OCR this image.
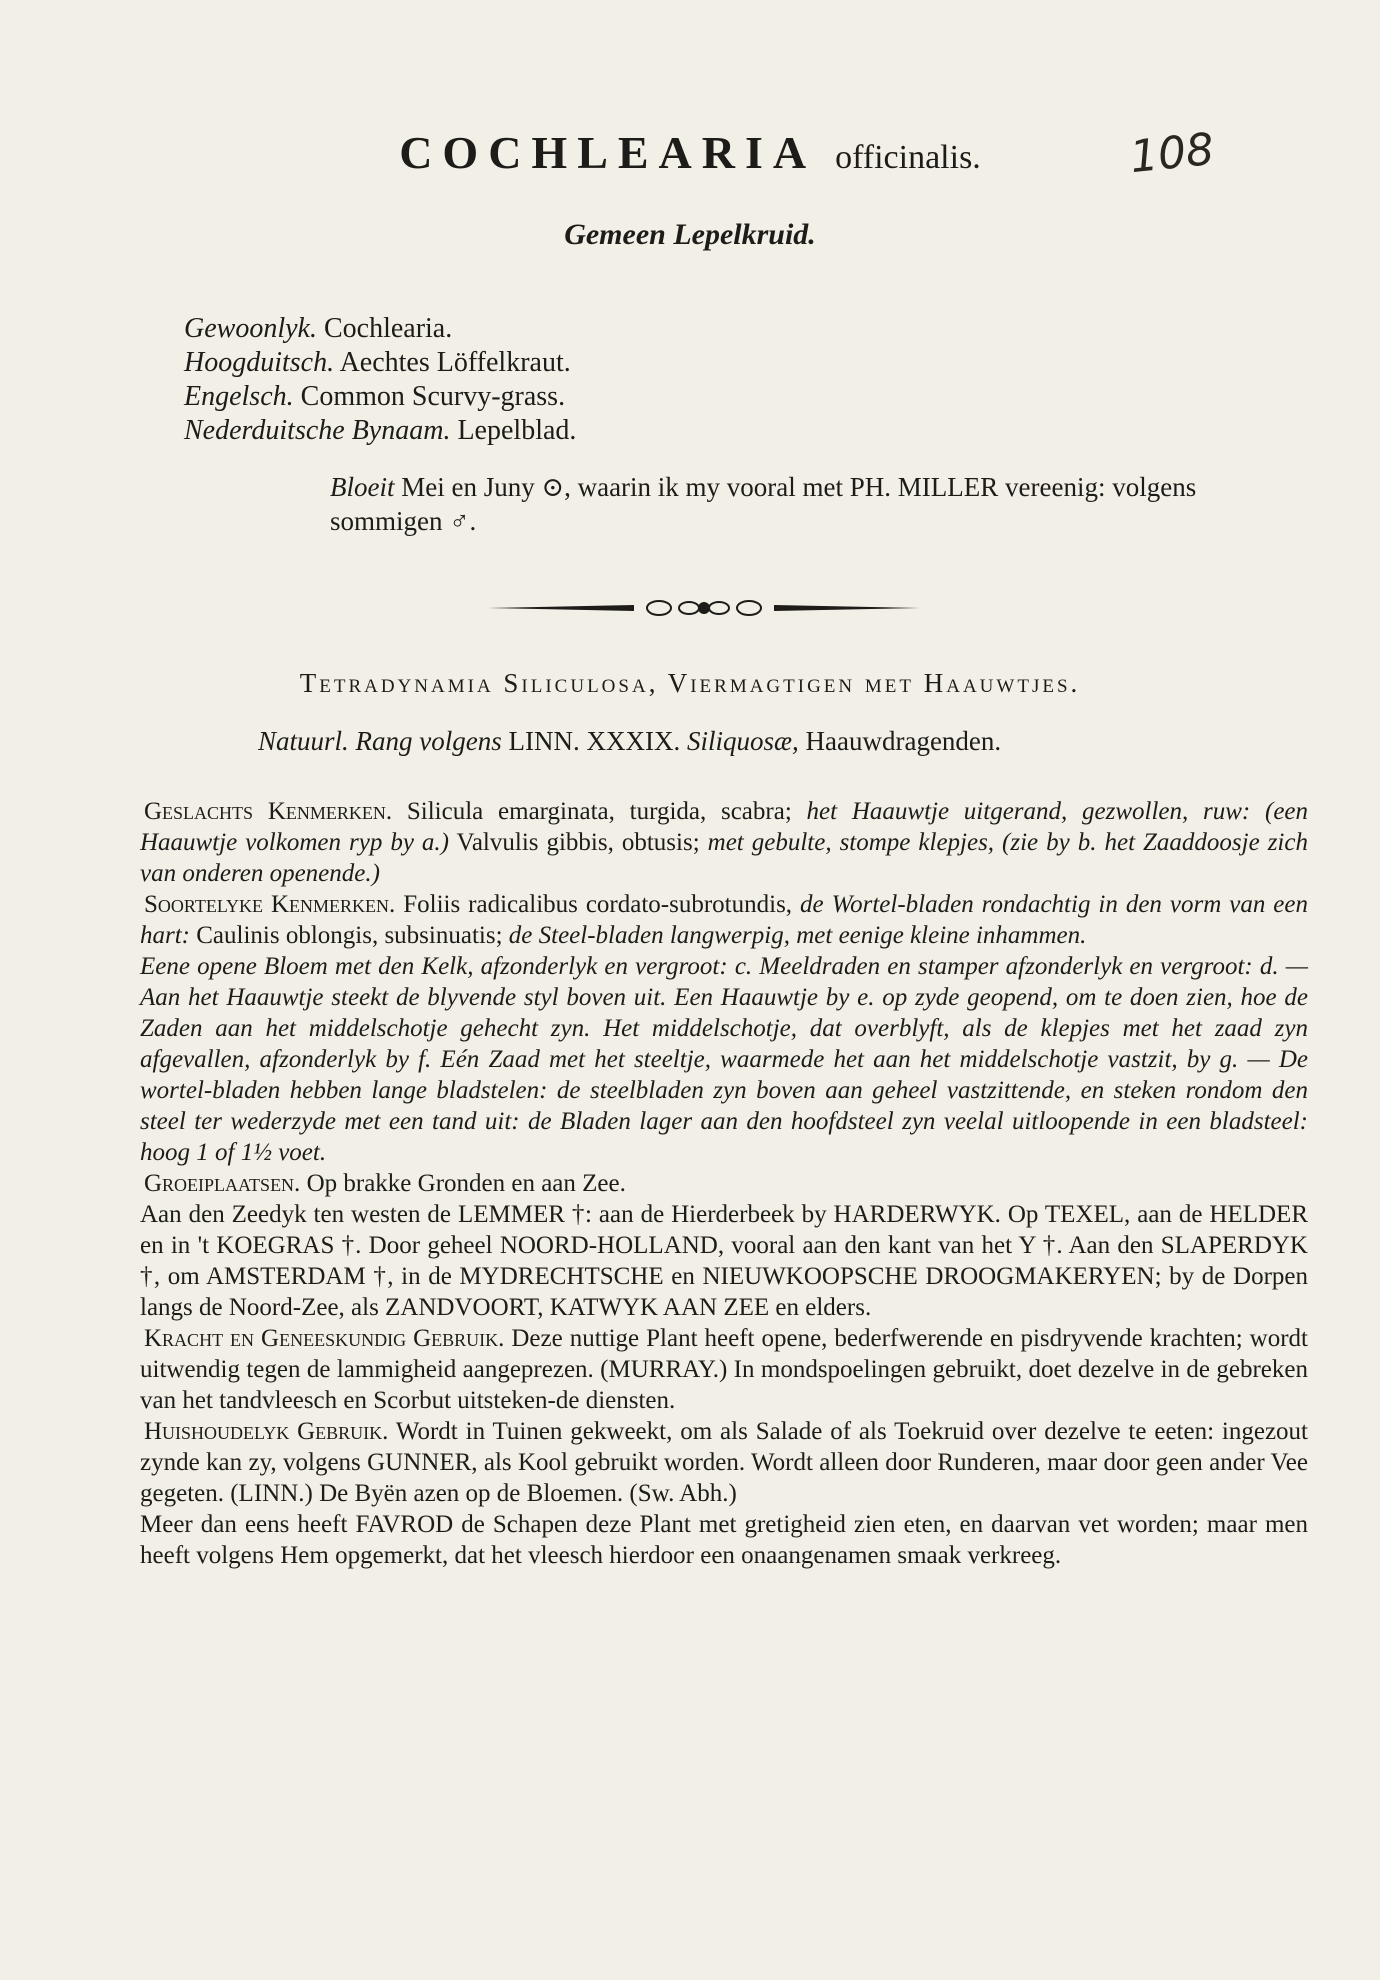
108
COCHLEARIA officinalis.
Gemeen Lepelkruid.
Gewoonlyk. Cochlearia.
Hoogduitsch. Aechtes Löffelkraut.
Engelsch. Common Scurvy-grass.
Nederduitsche Bynaam. Lepelblad.
Bloeit Mei en Juny ⊙, waarin ik my vooral met PH. MILLER vereenig: volgens sommigen ♂.
Tetradynamia Siliculosa, Viermagtigen met Haauwtjes.
Natuurl. Rang volgens LINN. XXXIX. Siliquosæ, Haauwdragenden.

Geslachts Kenmerken. Silicula emarginata, turgida, scabra; het Haauwtje uitgerand, gezwollen, ruw: (een Haauwtje volkomen ryp by a.) Valvulis gibbis, obtusis; met gebulte, stompe klepjes, (zie by b. het Zaaddoosje zich van onderen openende.)

Soortelyke Kenmerken. Foliis radicalibus cordato-subrotundis, de Wortel-bladen rondachtig in den vorm van een hart: Caulinis oblongis, subsinuatis; de Steel-bladen langwerpig, met eenige kleine inhammen.

Eene opene Bloem met den Kelk, afzonderlyk en vergroot: c. Meeldraden en stamper afzonderlyk en vergroot: d. — Aan het Haauwtje steekt de blyvende styl boven uit. Een Haauwtje by e. op zyde geopend, om te doen zien, hoe de Zaden aan het middelschotje gehecht zyn. Het middelschotje, dat overblyft, als de klepjes met het zaad zyn afgevallen, afzonderlyk by f. Eén Zaad met het steeltje, waarmede het aan het middelschotje vastzit, by g. — De wortel-bladen hebben lange bladstelen: de steelbladen zyn boven aan geheel vastzittende, en steken rondom den steel ter wederzyde met een tand uit: de Bladen lager aan den hoofdsteel zyn veelal uitloopende in een bladsteel: hoog 1 of 1½ voet.

Groeiplaatsen. Op brakke Gronden en aan Zee.

Aan den Zeedyk ten westen de LEMMER †: aan de Hierderbeek by HARDERWYK. Op TEXEL, aan de HELDER en in 't KOEGRAS †. Door geheel NOORD-HOLLAND, vooral aan den kant van het Y †. Aan den SLAPERDYK †, om AMSTERDAM †, in de MYDRECHTSCHE en NIEUWKOOPSCHE DROOGMAKERYEN; by de Dorpen langs de Noord-Zee, als ZANDVOORT, KATWYK AAN ZEE en elders.

Kracht en Geneeskundig Gebruik. Deze nuttige Plant heeft opene, bederfwerende en pisdryvende krachten; wordt uitwendig tegen de lammigheid aangeprezen. (MURRAY.) In mondspoelingen gebruikt, doet dezelve in de gebreken van het tandvleesch en Scorbut uitsteken-de diensten.

Huishoudelyk Gebruik. Wordt in Tuinen gekweekt, om als Salade of als Toekruid over dezelve te eeten: ingezout zynde kan zy, volgens GUNNER, als Kool gebruikt worden. Wordt alleen door Runderen, maar door geen ander Vee gegeten. (LINN.) De Byën azen op de Bloemen. (Sw. Abh.)

Meer dan eens heeft FAVROD de Schapen deze Plant met gretigheid zien eten, en daarvan vet worden; maar men heeft volgens Hem opgemerkt, dat het vleesch hierdoor een onaangenamen smaak verkreeg.
